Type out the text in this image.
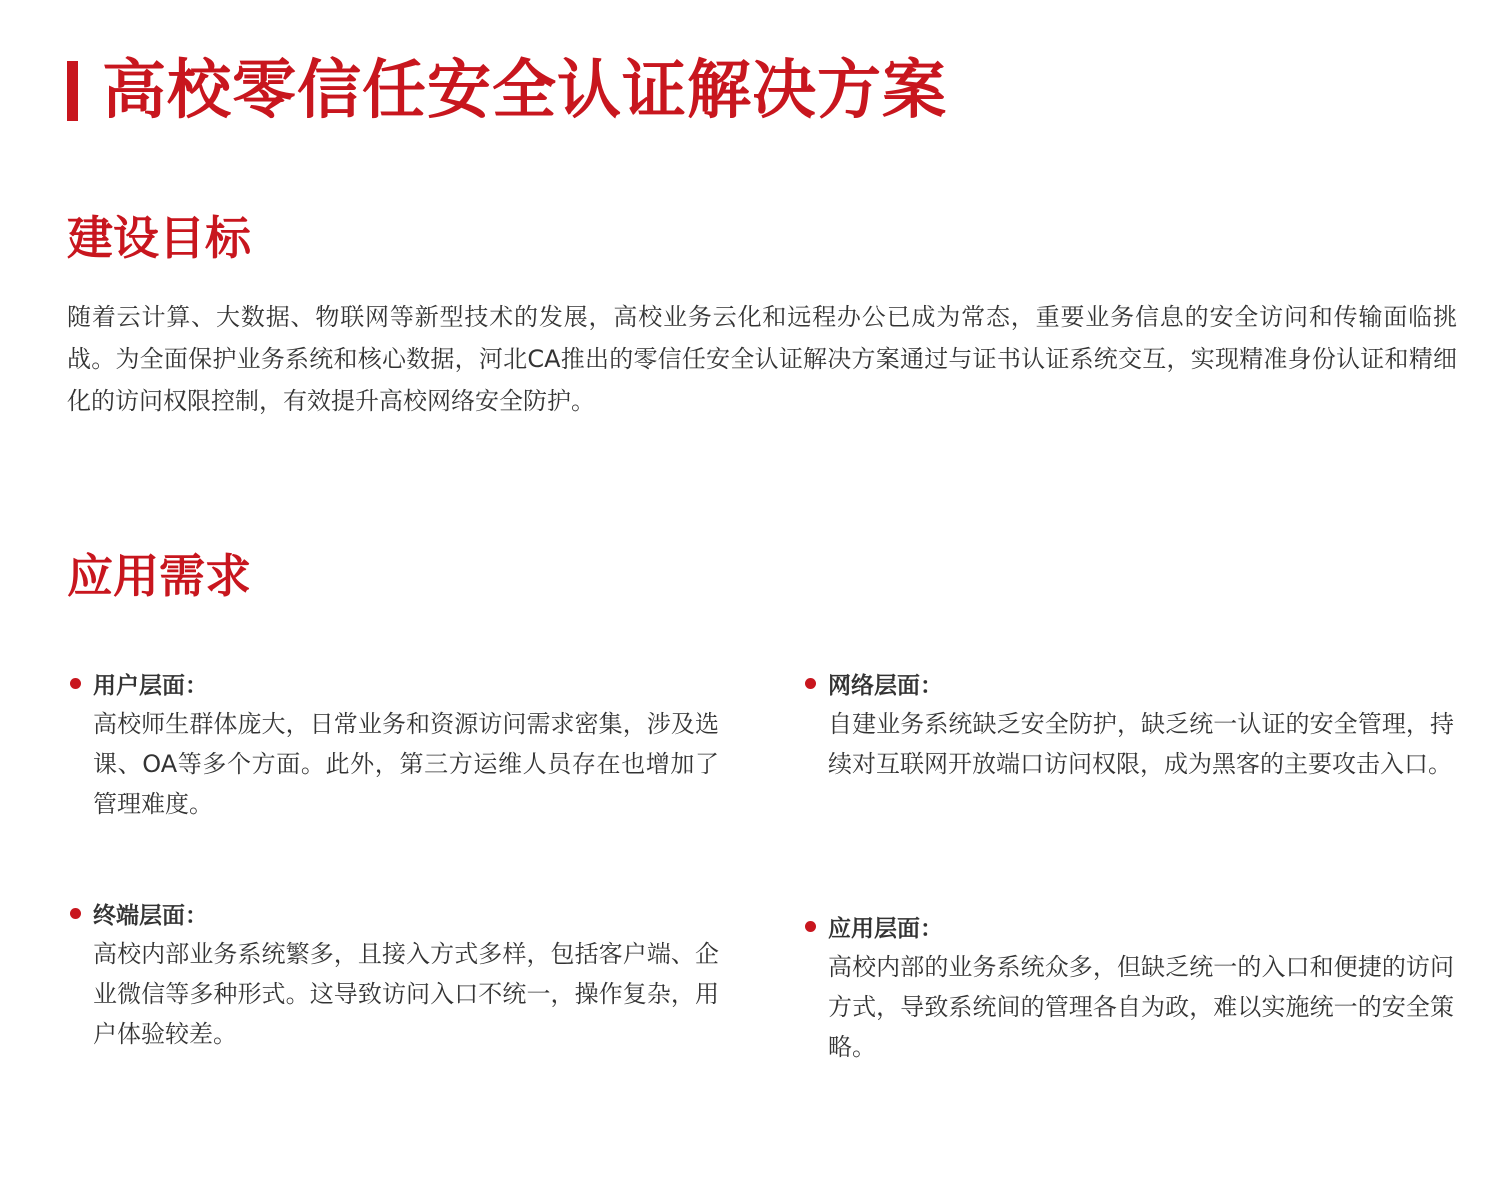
高校零信任安全认证解决方案
建设目标

随着云计算、大数据、物联网等新型技术的发展，高校业务云化和远程办公已成为常态，重要业务信息的安全访问和传输面临挑战。为全面保护业务系统和核心数据，河北CA推出的零信任安全认证解决方案通过与证书认证系统交互，实现精准身份认证和精细化的访问权限控制，有效提升高校网络安全防护。

应用需求
用户层面：
高校师生群体庞大，日常业务和资源访问需求密集，涉及选课、OA等多个方面。此外，第三方运维人员存在也增加了管理难度。
网络层面：
自建业务系统缺乏安全防护，缺乏统一认证的安全管理，持续对互联网开放端口访问权限，成为黑客的主要攻击入口。
终端层面：
高校内部业务系统繁多，且接入方式多样，包括客户端、企业微信等多种形式。这导致访问入口不统一，操作复杂，用户体验较差。
应用层面：
高校内部的业务系统众多，但缺乏统一的入口和便捷的访问方式，导致系统间的管理各自为政，难以实施统一的安全策略。
